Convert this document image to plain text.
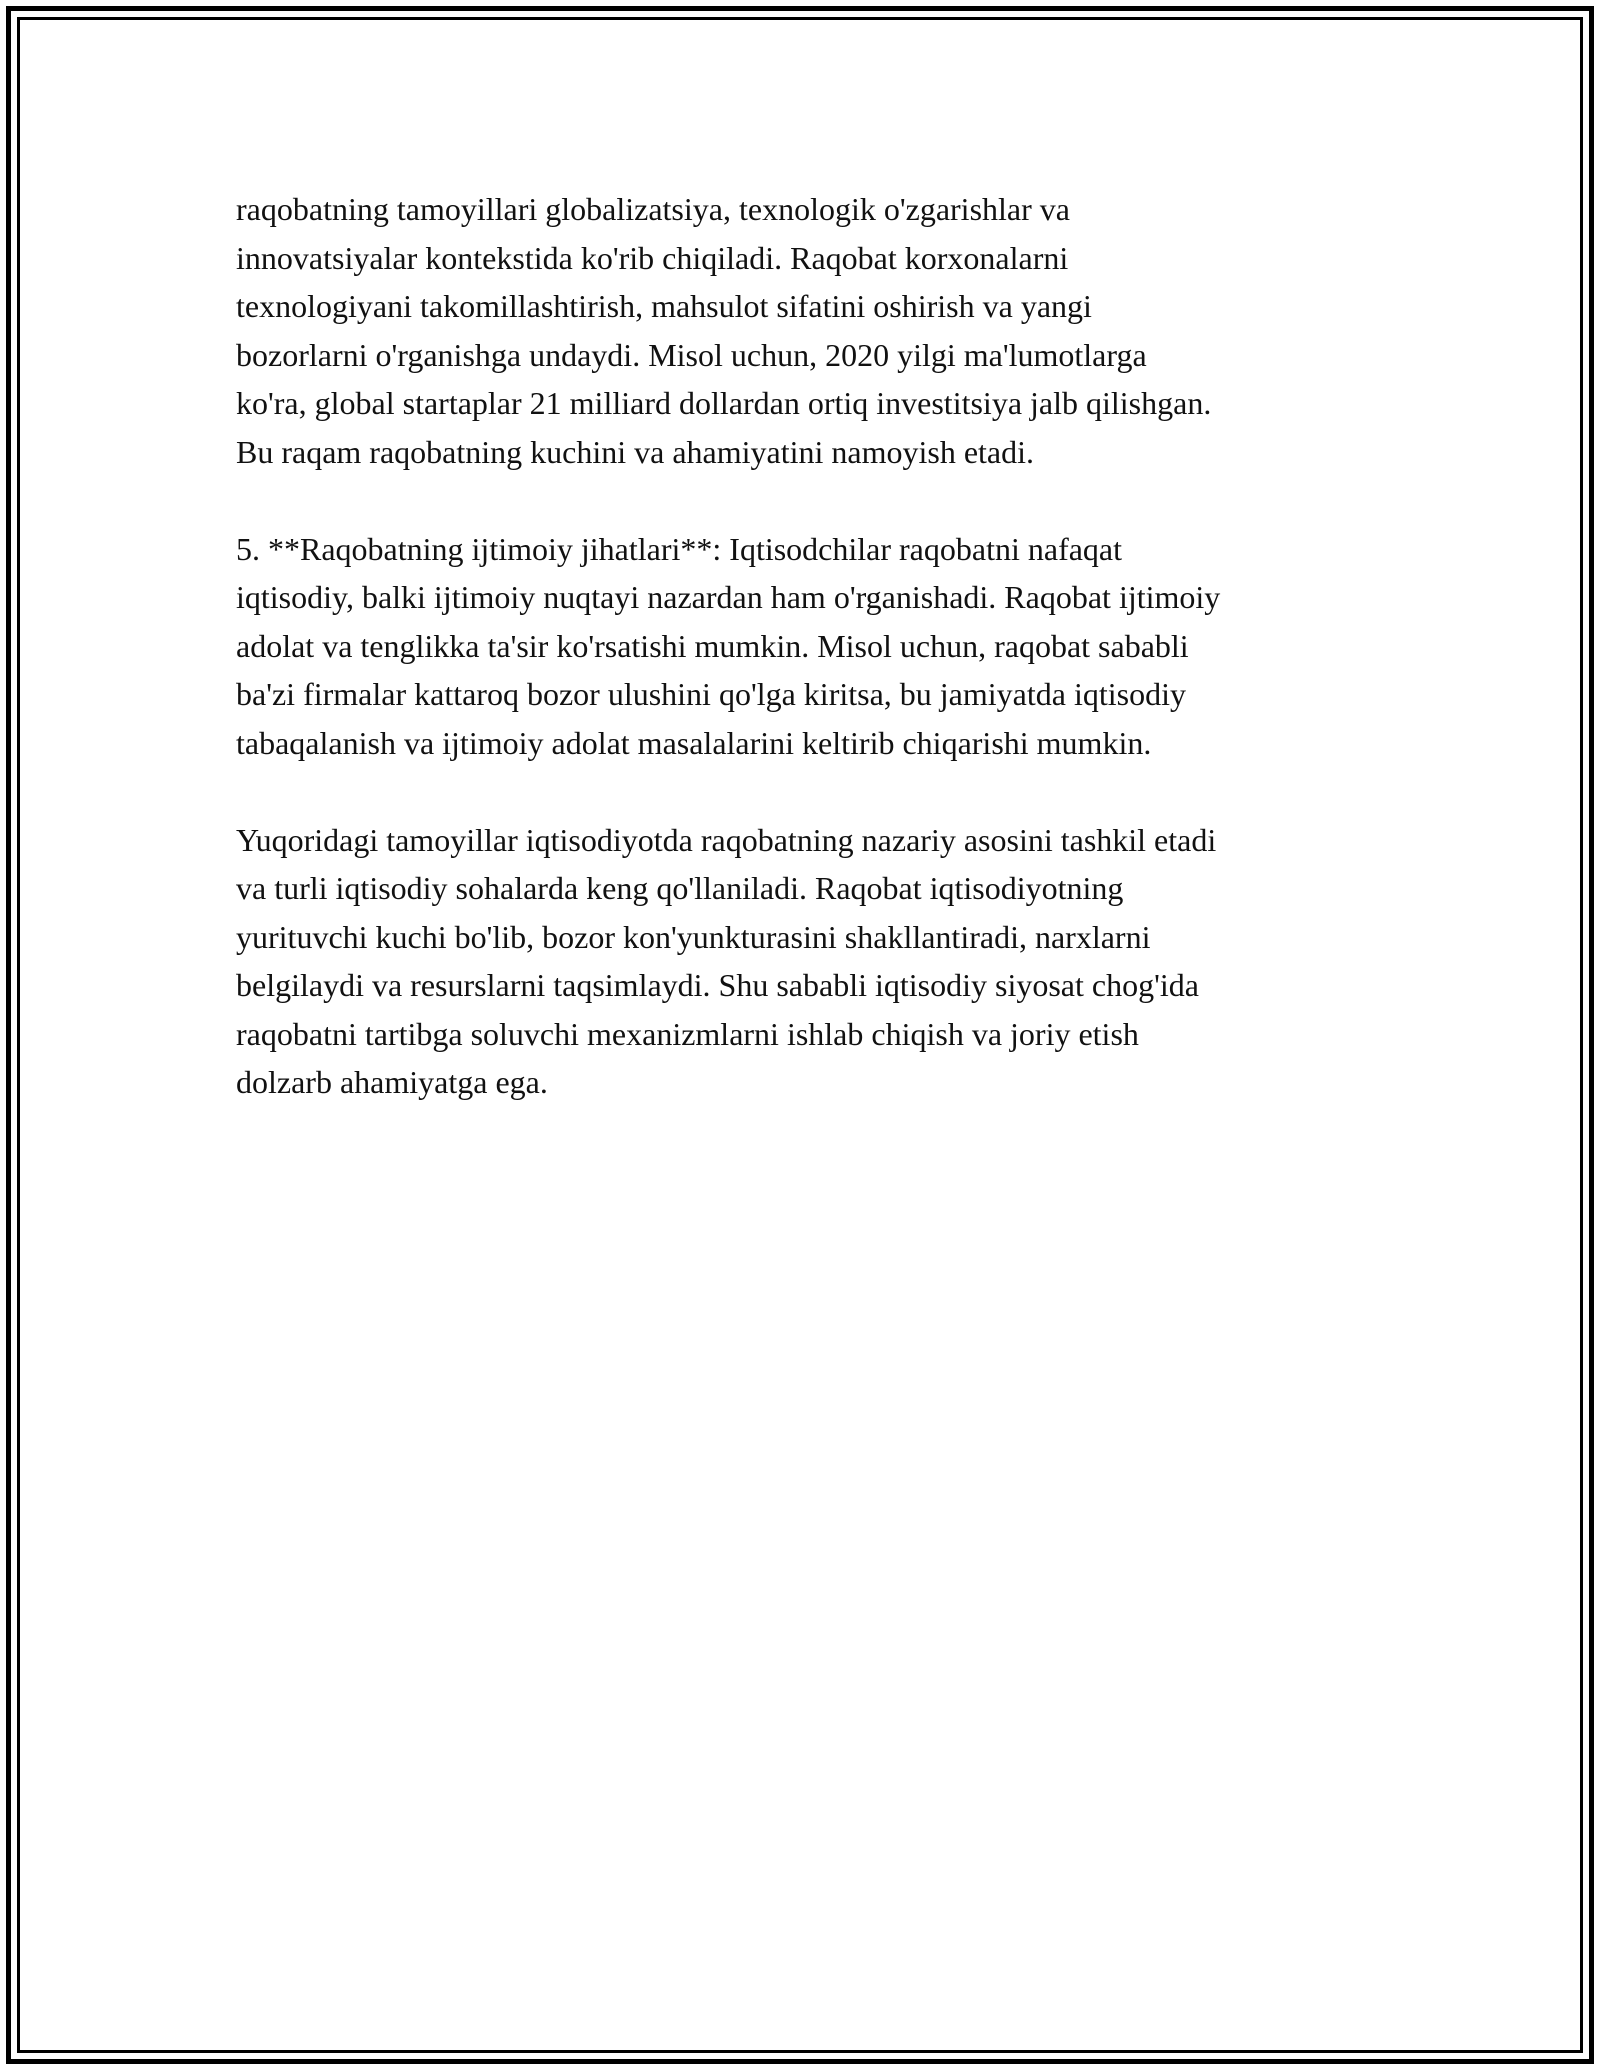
raqobatning tamoyillari globalizatsiya, texnologik o'zgarishlar va
innovatsiyalar kontekstida ko'rib chiqiladi. Raqobat korxonalarni
texnologiyani takomillashtirish, mahsulot sifatini oshirish va yangi
bozorlarni o'rganishga undaydi. Misol uchun, 2020 yilgi ma'lumotlarga
ko'ra, global startaplar 21 milliard dollardan ortiq investitsiya jalb qilishgan.
Bu raqam raqobatning kuchini va ahamiyatini namoyish etadi.

5. **Raqobatning ijtimoiy jihatlari**: Iqtisodchilar raqobatni nafaqat
iqtisodiy, balki ijtimoiy nuqtayi nazardan ham o'rganishadi. Raqobat ijtimoiy
adolat va tenglikka ta'sir ko'rsatishi mumkin. Misol uchun, raqobat sababli
ba'zi firmalar kattaroq bozor ulushini qo'lga kiritsa, bu jamiyatda iqtisodiy
tabaqalanish va ijtimoiy adolat masalalarini keltirib chiqarishi mumkin.

Yuqoridagi tamoyillar iqtisodiyotda raqobatning nazariy asosini tashkil etadi
va turli iqtisodiy sohalarda keng qo'llaniladi. Raqobat iqtisodiyotning
yurituvchi kuchi bo'lib, bozor kon'yunkturasini shakllantiradi, narxlarni
belgilaydi va resurslarni taqsimlaydi. Shu sababli iqtisodiy siyosat chog'ida
raqobatni tartibga soluvchi mexanizmlarni ishlab chiqish va joriy etish
dolzarb ahamiyatga ega.
